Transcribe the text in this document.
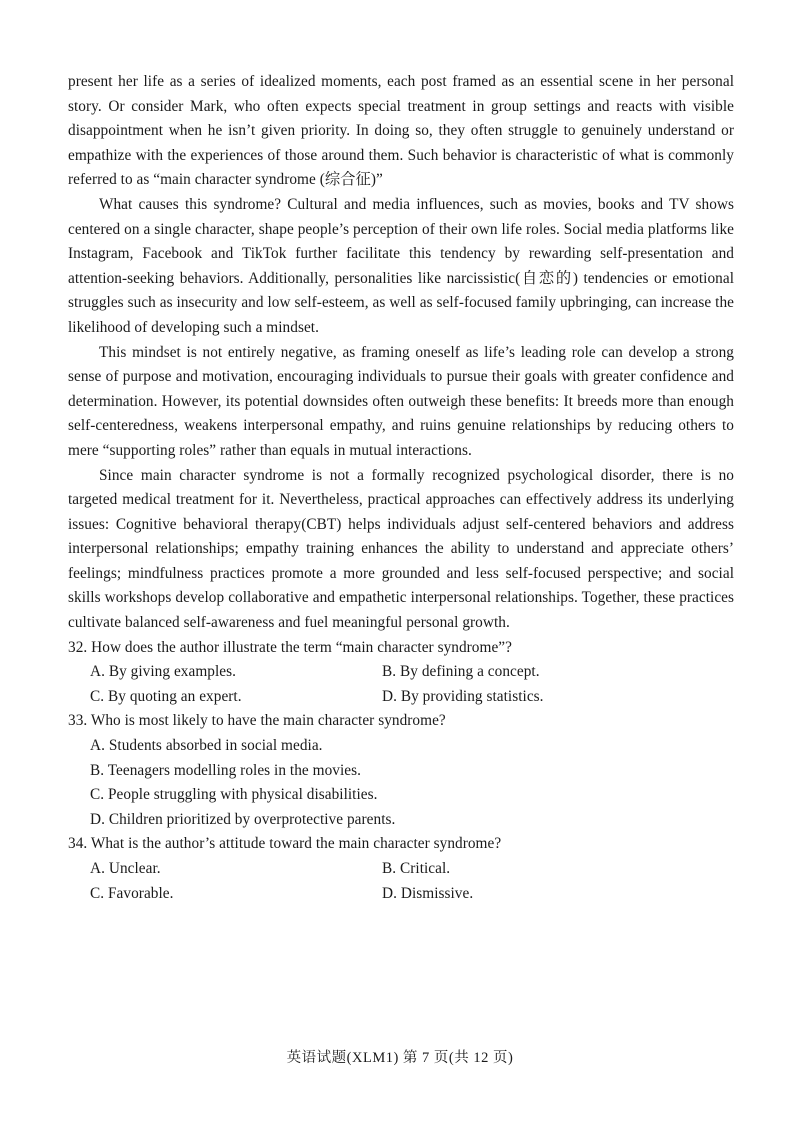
present her life as a series of idealized moments, each post framed as an essential scene in her personal story. Or consider Mark, who often expects special treatment in group settings and reacts with visible disappointment when he isn’t given priority. In doing so, they often struggle to genuinely understand or empathize with the experiences of those around them. Such behavior is characteristic of what is commonly referred to as “main character syndrome (综合征)”

What causes this syndrome? Cultural and media influences, such as movies, books and TV shows centered on a single character, shape people’s perception of their own life roles. Social media platforms like Instagram, Facebook and TikTok further facilitate this tendency by rewarding self-presentation and attention-seeking behaviors. Additionally, personalities like narcissistic(自恋的) tendencies or emotional struggles such as insecurity and low self-esteem, as well as self-focused family upbringing, can increase the likelihood of developing such a mindset.

This mindset is not entirely negative, as framing oneself as life’s leading role can develop a strong sense of purpose and motivation, encouraging individuals to pursue their goals with greater confidence and determination. However, its potential downsides often outweigh these benefits: It breeds more than enough self-centeredness, weakens interpersonal empathy, and ruins genuine relationships by reducing others to mere “supporting roles” rather than equals in mutual interactions.

Since main character syndrome is not a formally recognized psychological disorder, there is no targeted medical treatment for it. Nevertheless, practical approaches can effectively address its underlying issues: Cognitive behavioral therapy(CBT) helps individuals adjust self-centered behaviors and address interpersonal relationships; empathy training enhances the ability to understand and appreciate others’ feelings; mindfulness practices promote a more grounded and less self-focused perspective; and social skills workshops develop collaborative and empathetic interpersonal relationships. Together, these practices cultivate balanced self-awareness and fuel meaningful personal growth.

32. How does the author illustrate the term “main character syndrome”?

A. By giving examples.	B. By defining a concept.
C. By quoting an expert.	D. By providing statistics.

33. Who is most likely to have the main character syndrome?

A. Students absorbed in social media.
B. Teenagers modelling roles in the movies.
C. People struggling with physical disabilities.
D. Children prioritized by overprotective parents.

34. What is the author’s attitude toward the main character syndrome?

A. Unclear.	B. Critical.
C. Favorable.	D. Dismissive.
英语试题(XLM1) 第 7 页(共 12 页)
